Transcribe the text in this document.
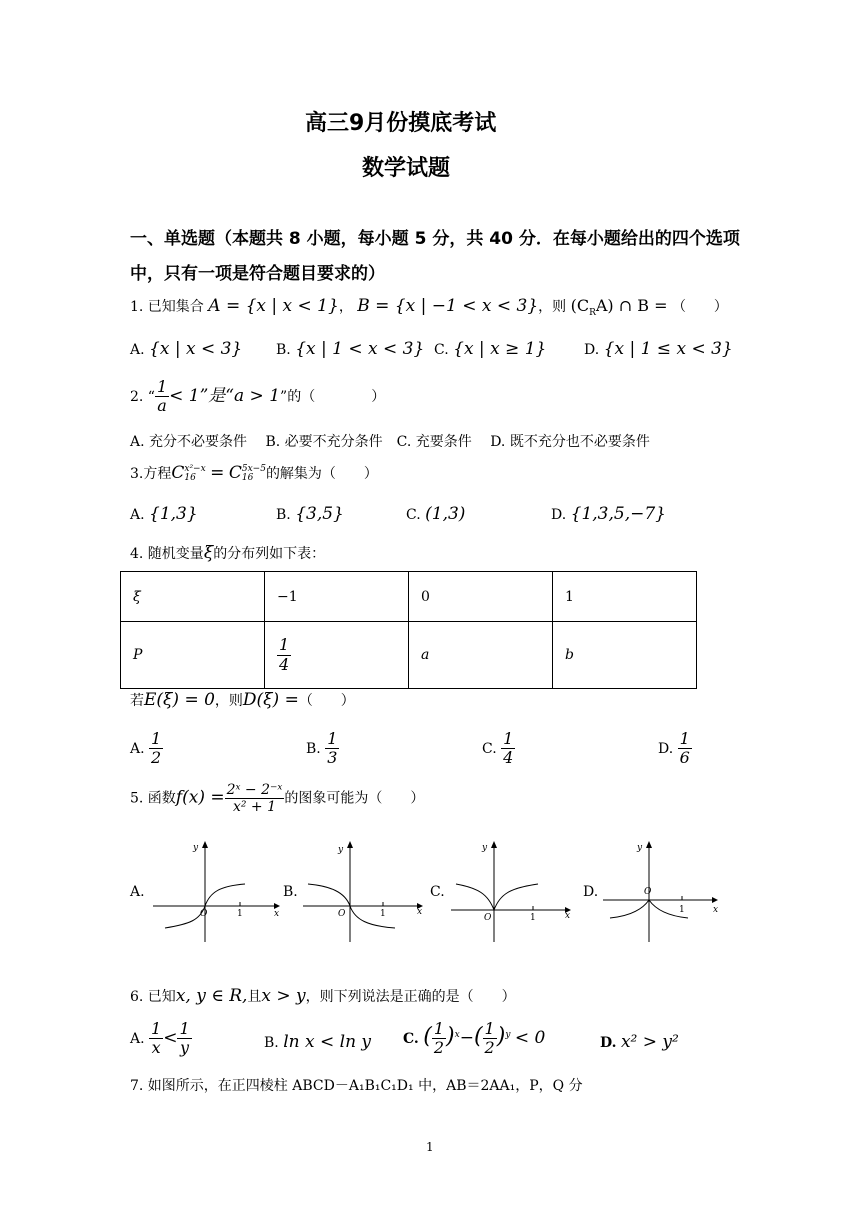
高三9月份摸底考试
数学试题
一、单选题（本题共 8 小题，每小题 5 分，共 40 分．在每小题给出的四个选项
中，只有一项是符合题目要求的）
1. 已知集合 A = {x | x < 1}， B = {x | −1 < x < 3}，则 $(C_RA)$ ∩ B = （　　）
A. {x | x < 3} B. {x | 1 < x < 3} C. {x | x ≥ 1}	D. {x | 1 ≤ x < 3}
2. “ $\frac{1}{a} < 1$”是“a > 1”的（　　　　）
A. 充分不必要条件　 B. 必要不充分条件　C. 充要条件　 D. 既不充分也不必要条件
3.方程C x²−x
16 = C 5x−5
16 的解集为（　　）
A. {1,3}	B. {3,5}	C. (1,3)	D. {1,3,5,−7}
4. 随机变量ξ的分布列如下表：
ξ	−1	0	1
P	$\frac{1}{4}$	a	b
若E(ξ) = 0，则D(ξ) =（　　）
A. $\frac{1}{2}$	B. $\frac{1}{3}$	C. $\frac{1}{4}$	D. $\frac{1}{6}$
5. 函数$f(x) = \frac{\text{2ˣ − 2⁻ˣ}}{\text{x² + 1}}$ 的图象可能为（　　）
A.	B.	C.	D.
y
x
O	1
y
x
O	1
y
x
O	1
y
x
O
1
6. 已知x, y ∈ R,且x > y，则下列说法是正确的是（　　）
A. $\frac{1}{x} < \frac{1}{y}$	B. ln x < ln y C. ( $\frac{1}{2} )^x-( \frac{1}{2} )^y < 0$	D. x² > y²
7. 如图所示，在正四棱柱 ABCD－A₁B₁C₁D₁ 中，AB＝2AA₁，P，Q 分
1
